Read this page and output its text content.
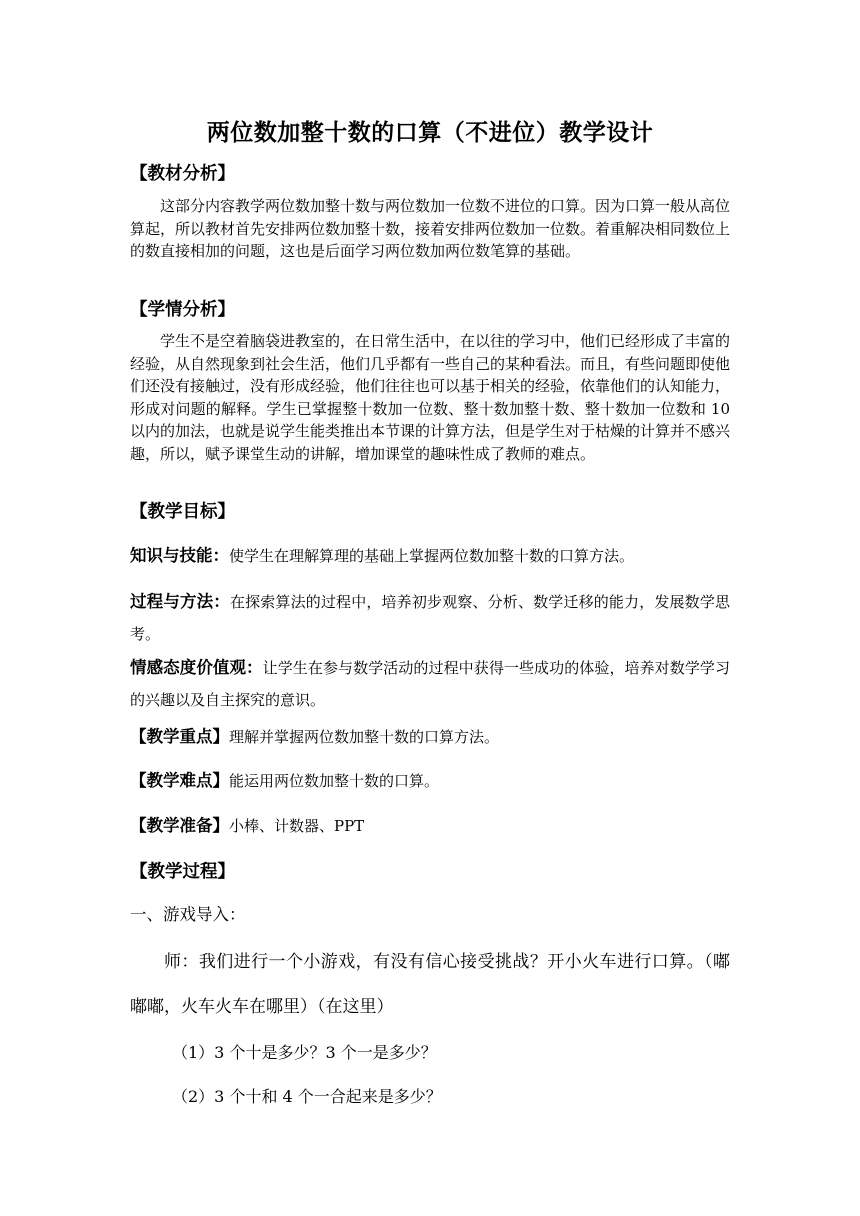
两位数加整十数的口算（不进位）教学设计
【教材分析】
这部分内容教学两位数加整十数与两位数加一位数不进位的口算。因为口算一般从高位算起，所以教材首先安排两位数加整十数，接着安排两位数加一位数。着重解决相同数位上的数直接相加的问题，这也是后面学习两位数加两位数笔算的基础。
【学情分析】
学生不是空着脑袋进教室的，在日常生活中，在以往的学习中，他们已经形成了丰富的经验，从自然现象到社会生活，他们几乎都有一些自己的某种看法。而且，有些问题即使他们还没有接触过，没有形成经验，他们往往也可以基于相关的经验，依靠他们的认知能力，形成对问题的解释。学生已掌握整十数加一位数、整十数加整十数、整十数加一位数和 10 以内的加法，也就是说学生能类推出本节课的计算方法，但是学生对于枯燥的计算并不感兴趣，所以，赋予课堂生动的讲解，增加课堂的趣味性成了教师的难点。
【教学目标】
知识与技能：使学生在理解算理的基础上掌握两位数加整十数的口算方法。
过程与方法：在探索算法的过程中，培养初步观察、分析、数学迁移的能力，发展数学思考。
情感态度价值观：让学生在参与数学活动的过程中获得一些成功的体验，培养对数学学习的兴趣以及自主探究的意识。
【教学重点】理解并掌握两位数加整十数的口算方法。
【教学难点】能运用两位数加整十数的口算。
【教学准备】小棒、计数器、PPT
【教学过程】
一、游戏导入：
师：我们进行一个小游戏，有没有信心接受挑战？开小火车进行口算。（嘟嘟嘟，火车火车在哪里）（在这里）
（1）3 个十是多少？3 个一是多少？
（2）3 个十和 4 个一合起来是多少？
